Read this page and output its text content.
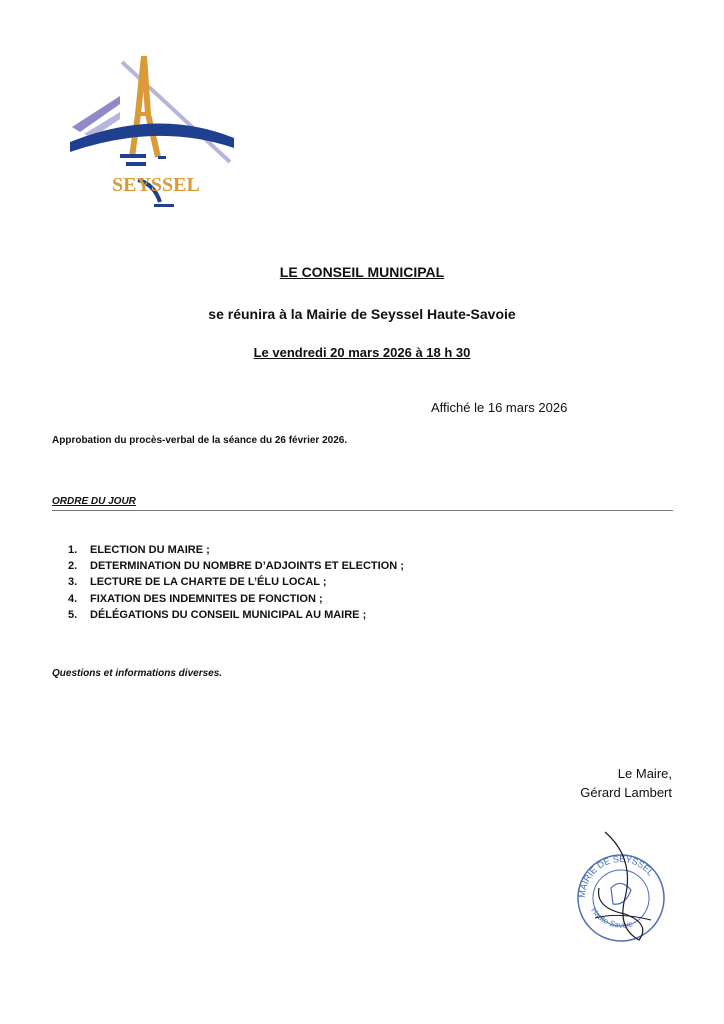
SEYSSEL
LE CONSEIL MUNICIPAL
se réunira à la Mairie de Seyssel Haute-Savoie
Le vendredi 20 mars 2026 à 18 h 30
Affiché le 16 mars 2026
Approbation du procès-verbal de la séance du 26 février 2026.
ORDRE DU JOUR
1.	ELECTION DU MAIRE ;
2.	DETERMINATION DU NOMBRE D’ADJOINTS ET ELECTION ;
3.	LECTURE DE LA CHARTE DE L’ÉLU LOCAL ;
4.	FIXATION DES INDEMNITES DE FONCTION ;
5.	DÉLÉGATIONS DU CONSEIL MUNICIPAL AU MAIRE ;
Questions et informations diverses.
Le Maire,
Gérard Lambert
MAIRIE DE SEYSSEL
Haute-Savoie
